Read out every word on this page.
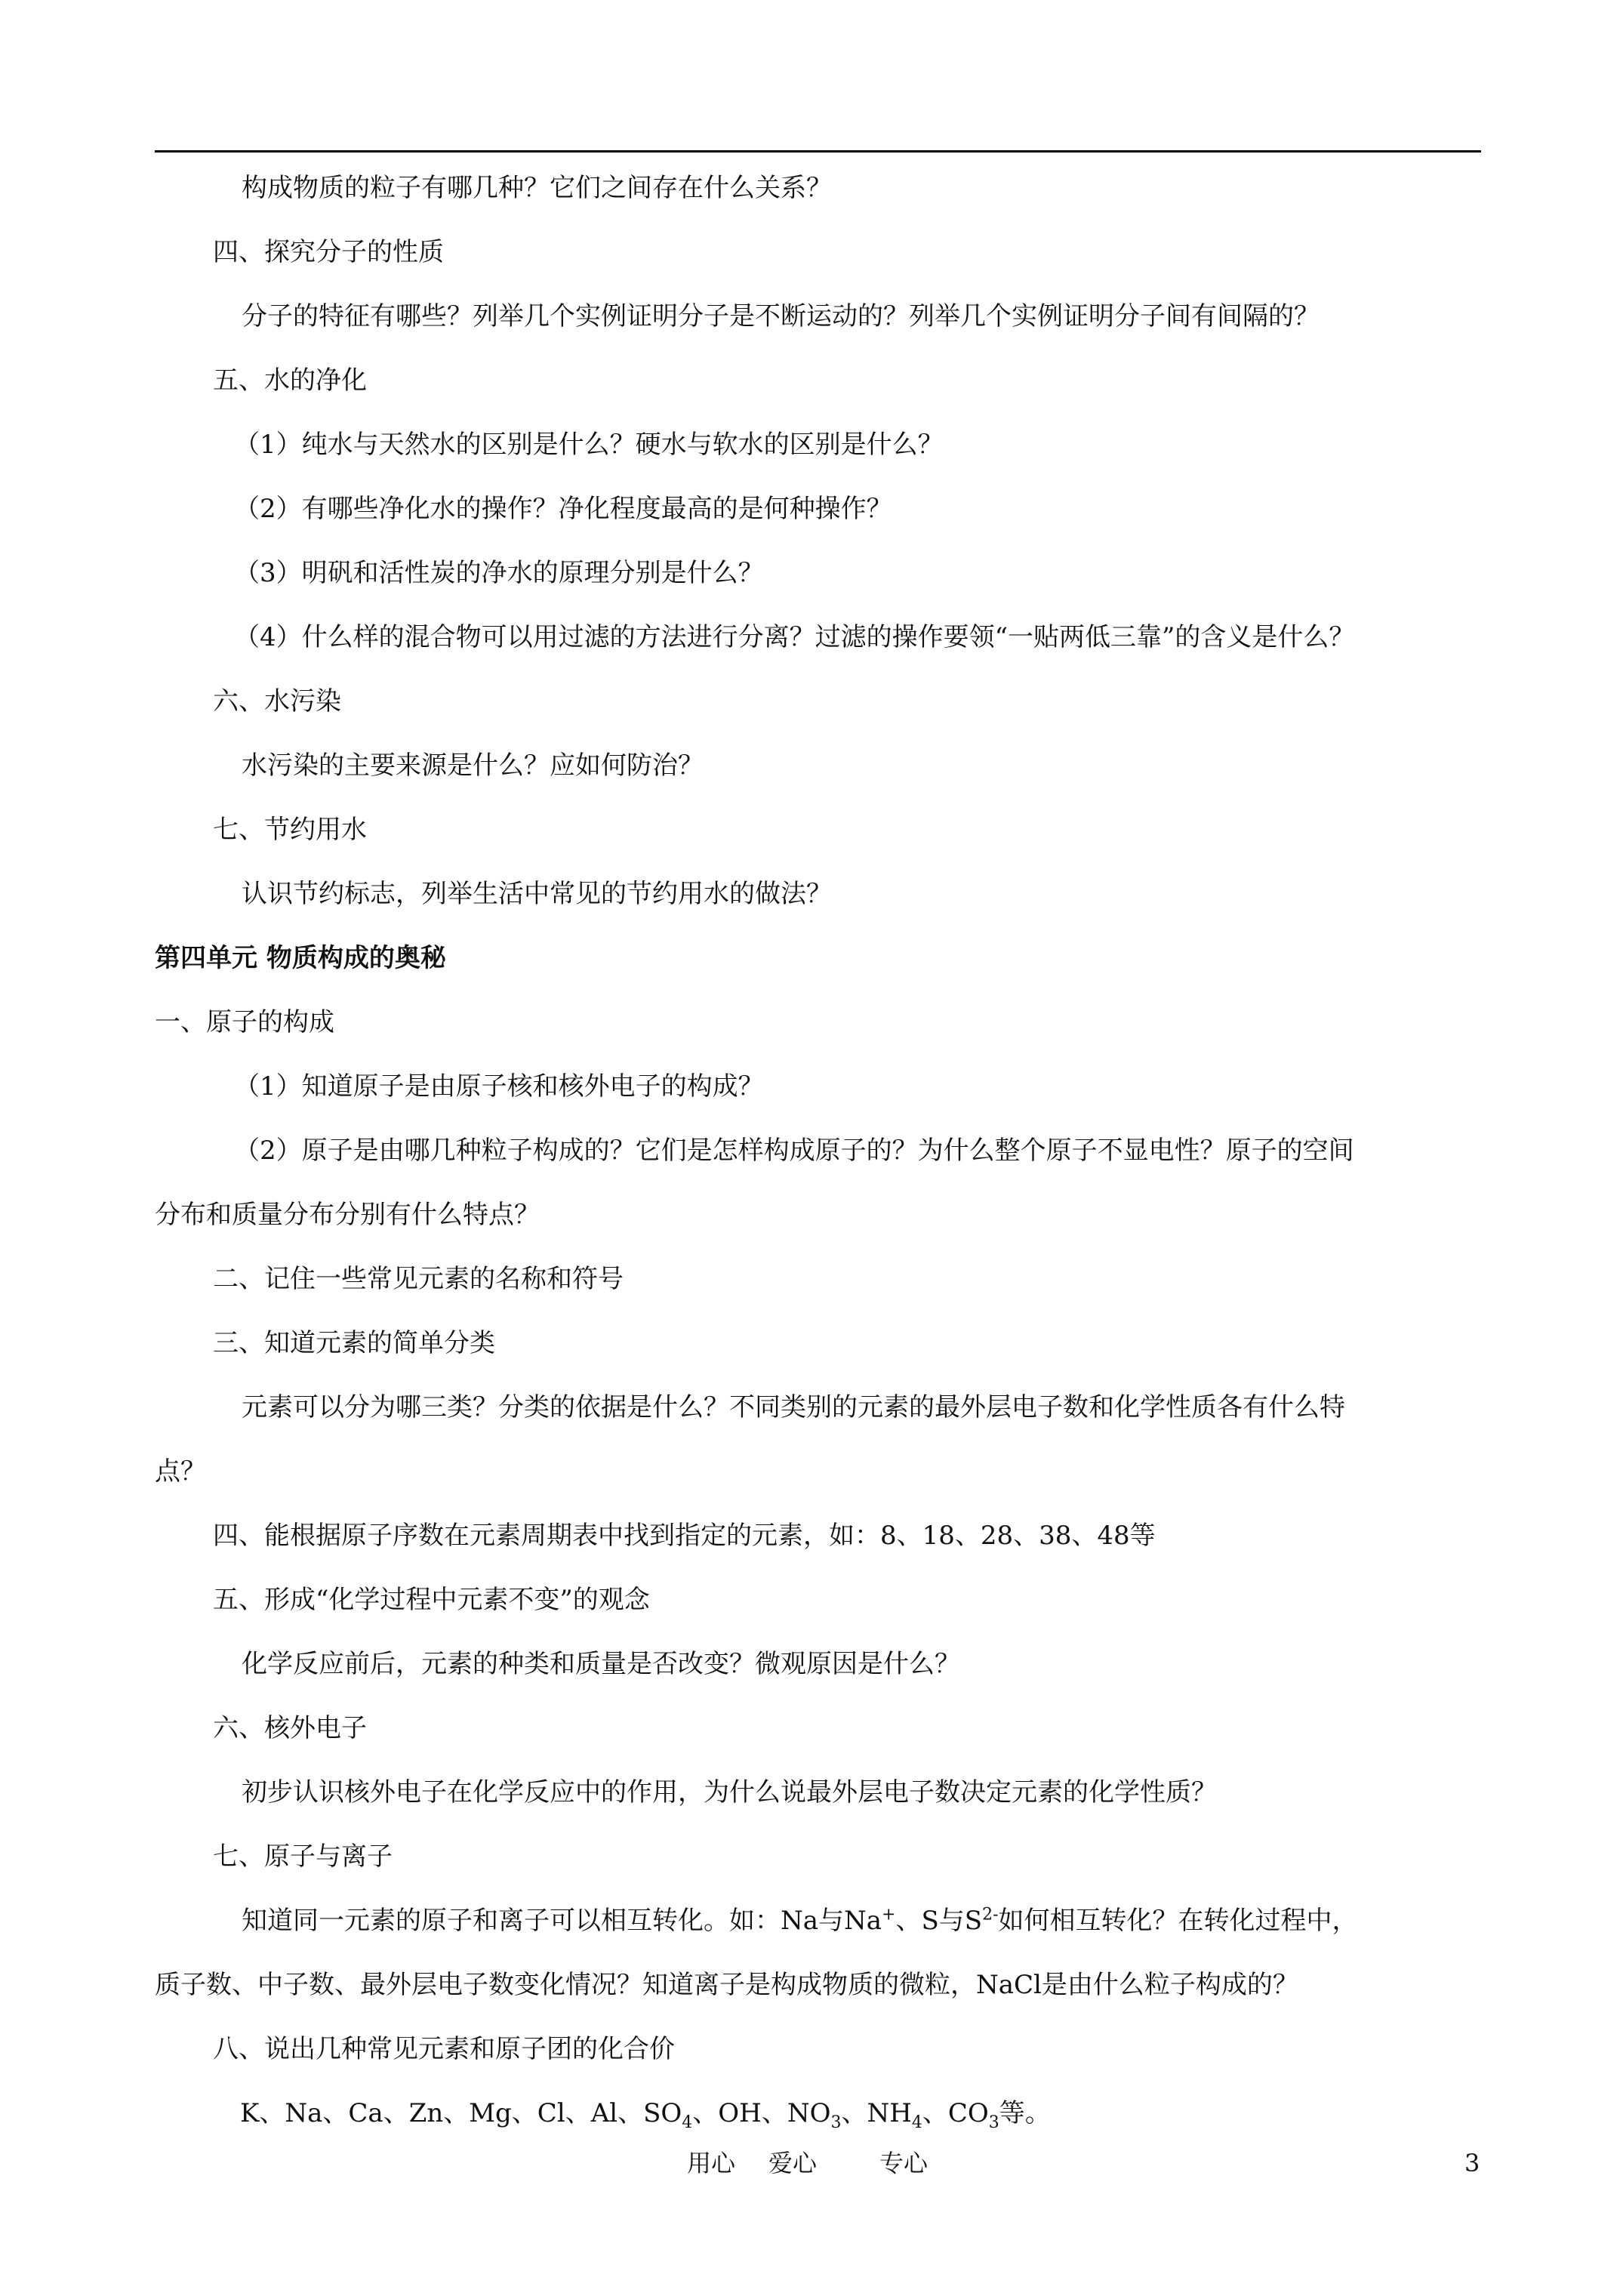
构成物质的粒子有哪几种？它们之间存在什么关系？
四、探究分子的性质
分子的特征有哪些？列举几个实例证明分子是不断运动的？列举几个实例证明分子间有间隔的？
五、水的净化
（1）纯水与天然水的区别是什么？硬水与软水的区别是什么？
（2）有哪些净化水的操作？净化程度最高的是何种操作？
（3）明矾和活性炭的净水的原理分别是什么？
（4）什么样的混合物可以用过滤的方法进行分离？过滤的操作要领“一贴两低三靠”的含义是什么？
六、水污染
水污染的主要来源是什么？应如何防治？
七、节约用水
认识节约标志，列举生活中常见的节约用水的做法？
第四单元 物质构成的奥秘
一、原子的构成
（1）知道原子是由原子核和核外电子的构成？
（2）原子是由哪几种粒子构成的？它们是怎样构成原子的？为什么整个原子不显电性？原子的空间
分布和质量分布分别有什么特点？
二、记住一些常见元素的名称和符号
三、知道元素的简单分类
元素可以分为哪三类？分类的依据是什么？不同类别的元素的最外层电子数和化学性质各有什么特
点？
四、能根据原子序数在元素周期表中找到指定的元素，如：8、18、28、38、48等
五、形成“化学过程中元素不变”的观念
化学反应前后，元素的种类和质量是否改变？微观原因是什么？
六、核外电子
初步认识核外电子在化学反应中的作用，为什么说最外层电子数决定元素的化学性质？
七、原子与离子
知道同一元素的原子和离子可以相互转化。如：Na与Na+、S与$S^{2-}$如何相互转化？在转化过程中，
质子数、中子数、最外层电子数变化情况？知道离子是构成物质的微粒，NaCl是由什么粒子构成的？
八、说出几种常见元素和原子团的化合价
K、Na、Ca、Zn、Mg、Cl、Al、$SO_4$、OH、$NO_3$、$NH_4$、$CO_3$等。
用心 爱心	专心	3
